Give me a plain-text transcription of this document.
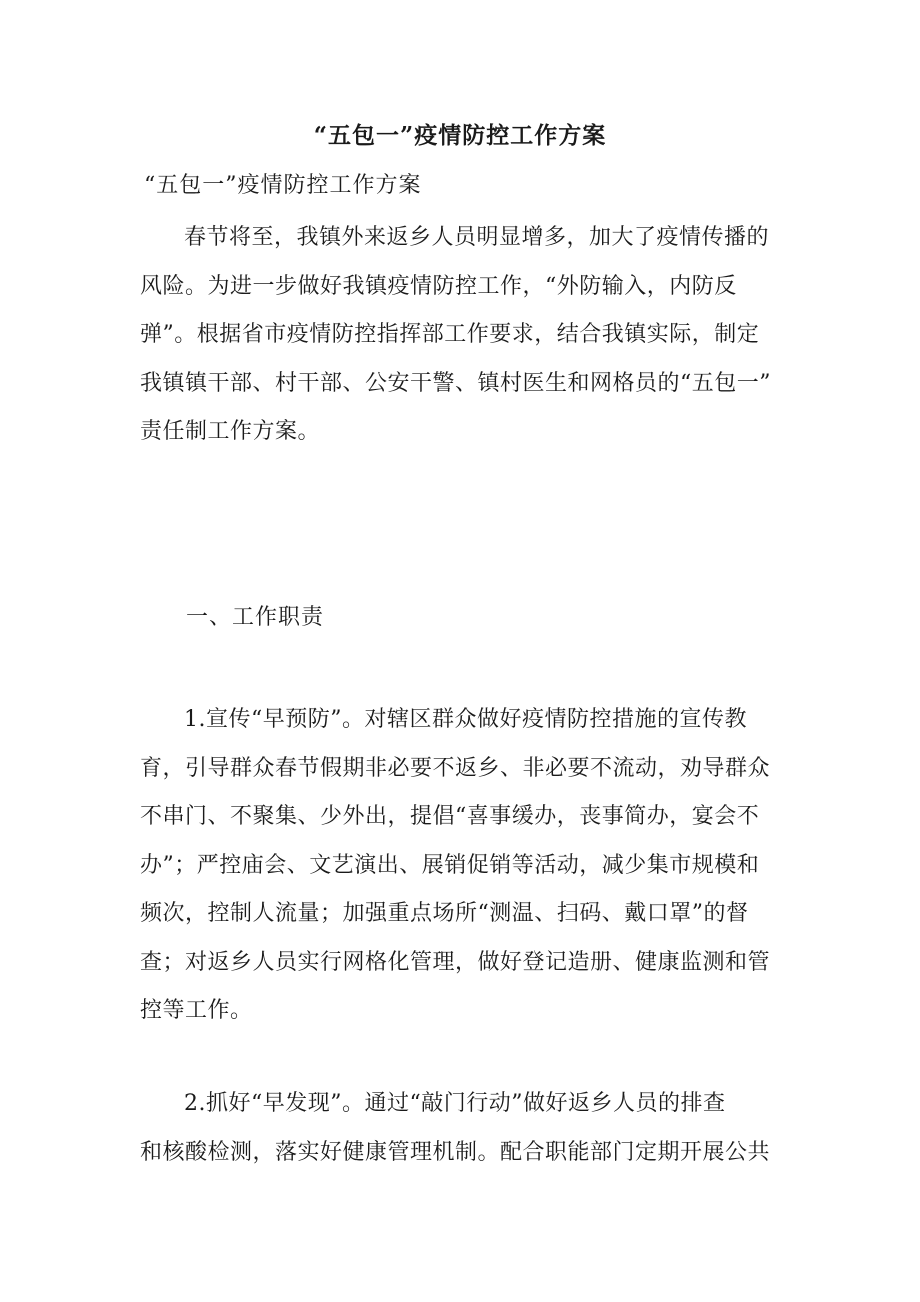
“五包一”疫情防控工作方案
“五包一”疫情防控工作方案

春节将至，我镇外来返乡人员明显增多，加大了疫情传播的
风险。为进一步做好我镇疫情防控工作，“外防输入，内防反
弹”。根据省市疫情防控指挥部工作要求，结合我镇实际，制定
我镇镇干部、村干部、公安干警、镇村医生和网格员的“五包一”
责任制工作方案。

一、工作职责

1.宣传“早预防”。对辖区群众做好疫情防控措施的宣传教
育，引导群众春节假期非必要不返乡、非必要不流动，劝导群众
不串门、不聚集、少外出，提倡“喜事缓办，丧事简办，宴会不
办”；严控庙会、文艺演出、展销促销等活动，减少集市规模和
频次，控制人流量；加强重点场所“测温、扫码、戴口罩”的督
查；对返乡人员实行网格化管理，做好登记造册、健康监测和管
控等工作。

2.抓好“早发现”。通过“敲门行动”做好返乡人员的排查
和核酸检测，落实好健康管理机制。配合职能部门定期开展公共
